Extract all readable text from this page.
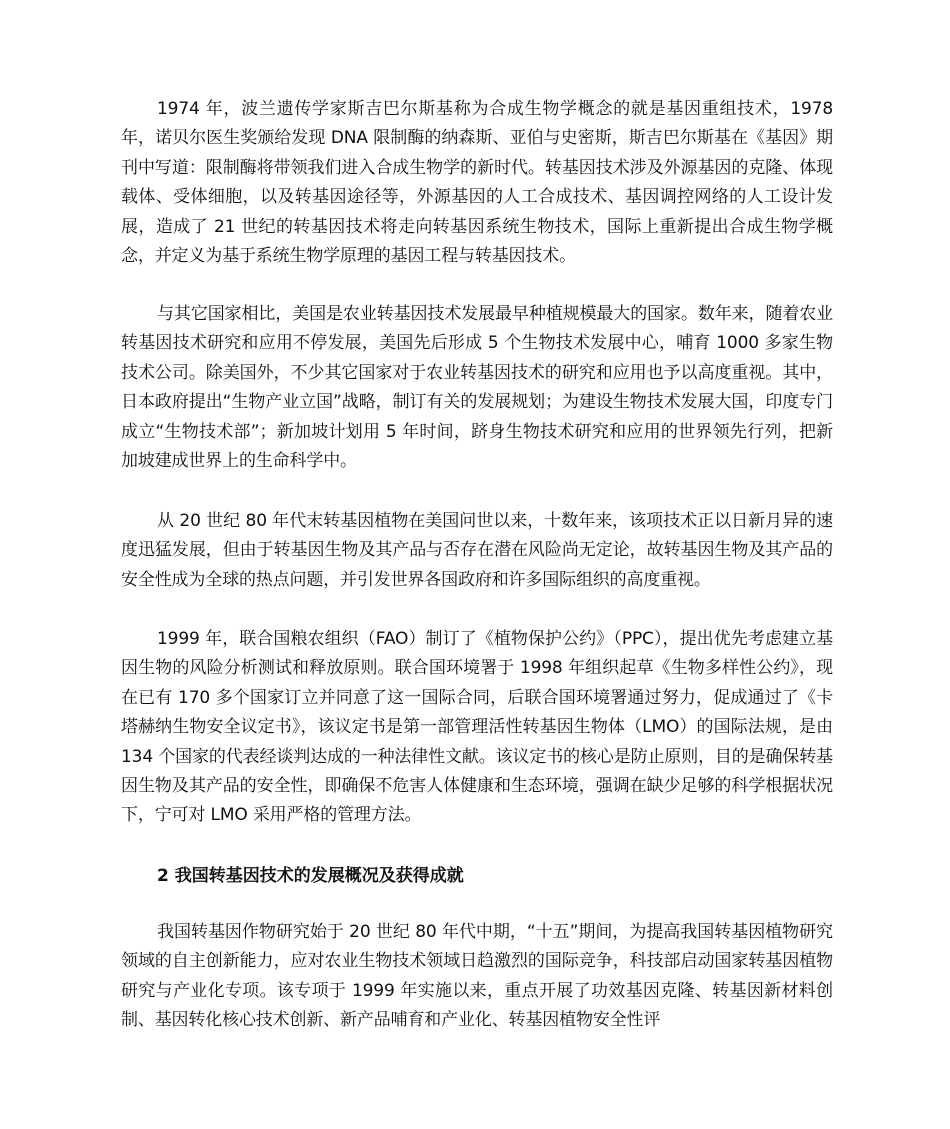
1974 年，波兰遗传学家斯吉巴尔斯基称为合成生物学概念的就是基因重组技术，1978 年，诺贝尔医生奖颁给发现 DNA 限制酶的纳森斯、亚伯与史密斯，斯吉巴尔斯基在《基因》期刊中写道：限制酶将带领我们进入合成生物学的新时代。转基因技术涉及外源基因的克隆、体现载体、受体细胞，以及转基因途径等，外源基因的人工合成技术、基因调控网络的人工设计发展，造成了 21 世纪的转基因技术将走向转基因系统生物技术，国际上重新提出合成生物学概念，并定义为基于系统生物学原理的基因工程与转基因技术。

与其它国家相比，美国是农业转基因技术发展最早种植规模最大的国家。数年来，随着农业转基因技术研究和应用不停发展，美国先后形成 5 个生物技术发展中心，哺育 1000 多家生物技术公司。除美国外，不少其它国家对于农业转基因技术的研究和应用也予以高度重视。其中，日本政府提出“生物产业立国”战略，制订有关的发展规划；为建设生物技术发展大国，印度专门成立“生物技术部”；新加坡计划用 5 年时间，跻身生物技术研究和应用的世界领先行列，把新加坡建成世界上的生命科学中。

从 20 世纪 80 年代末转基因植物在美国问世以来，十数年来，该项技术正以日新月异的速度迅猛发展，但由于转基因生物及其产品与否存在潜在风险尚无定论，故转基因生物及其产品的安全性成为全球的热点问题，并引发世界各国政府和许多国际组织的高度重视。

1999 年，联合国粮农组织（FAO）制订了《植物保护公约》（PPC），提出优先考虑建立基因生物的风险分析测试和释放原则。联合国环境署于 1998 年组织起草《生物多样性公约》，现在已有 170 多个国家订立并同意了这一国际合同，后联合国环境署通过努力，促成通过了《卡塔赫纳生物安全议定书》，该议定书是第一部管理活性转基因生物体（LMO）的国际法规，是由 134 个国家的代表经谈判达成的一种法律性文献。该议定书的核心是防止原则，目的是确保转基因生物及其产品的安全性，即确保不危害人体健康和生态环境，强调在缺少足够的科学根据状况下，宁可对 LMO 采用严格的管理方法。

2 我国转基因技术的发展概况及获得成就

我国转基因作物研究始于 20 世纪 80 年代中期，“十五”期间，为提高我国转基因植物研究领域的自主创新能力，应对农业生物技术领域日趋激烈的国际竞争，科技部启动国家转基因植物研究与产业化专项。该专项于 1999 年实施以来，重点开展了功效基因克隆、转基因新材料创制、基因转化核心技术创新、新产品哺育和产业化、转基因植物安全性评
